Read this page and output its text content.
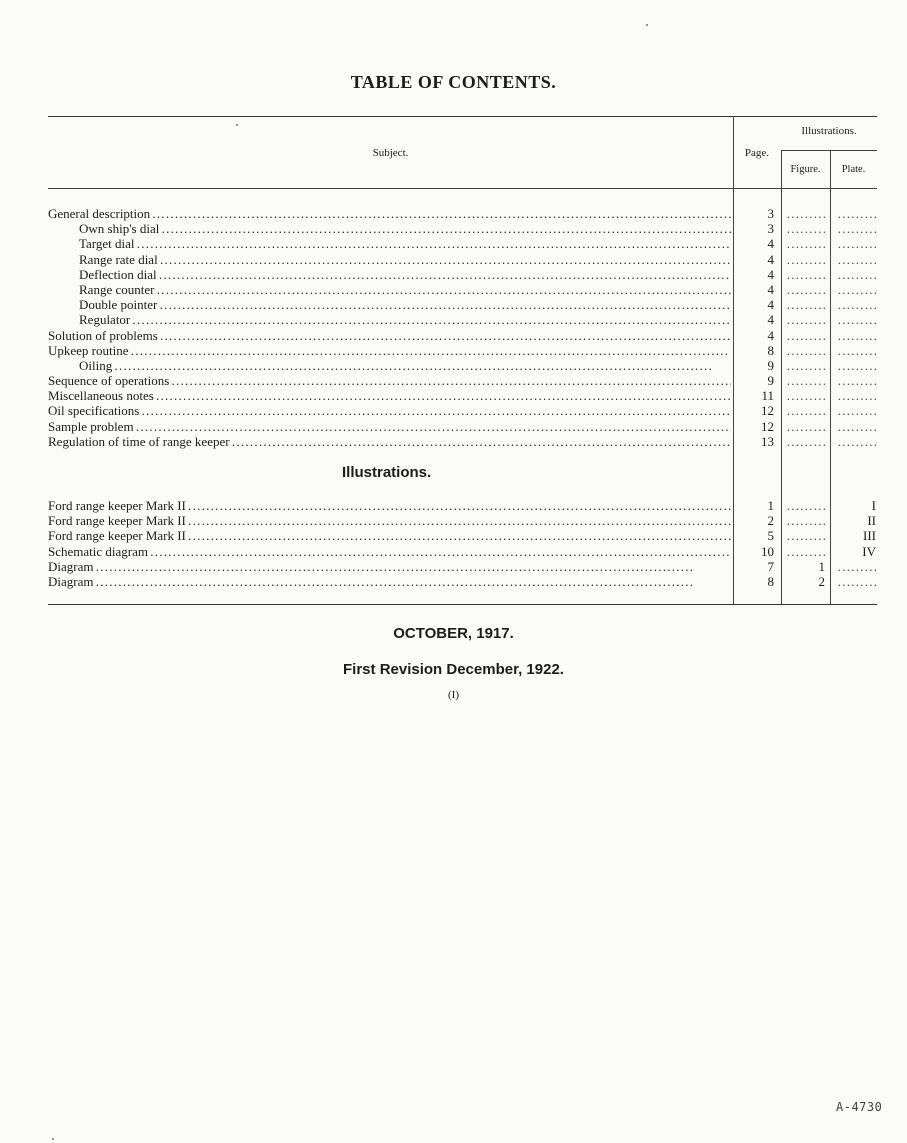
TABLE OF CONTENTS.
Subject.	Page.
Illustrations.
Figure.	Plate.
General description . . .	3 . . . . . . . . . . . . . . . . . .
Own ship's dial . . .	3 . . . . . . . . . . . . . . . . . .
Target dial . . .	4 . . . . . . . . . . . . . . . . . .
Range rate dial . . .	4 . . . . . . . . . . . . . . . . . .
Deflection dial . . .	4 . . . . . . . . . . . . . . . . . .
Range counter . . .	4 . . . . . . . . . . . . . . . . . .
Double pointer . . .	4 . . . . . . . . . . . . . . . . . .
Regulator . . .	4 . . . . . . . . . . . . . . . . . .
Solution of problems . . .	4 . . . . . . . . . . . . . . . . . .
Upkeep routine . . .	8 . . . . . . . . . . . . . . . . . .
Oiling . . .	9 . . . . . . . . . . . . . . . . . .
Sequence of operations . . .	9 . . . . . . . . . . . . . . . . . .
Miscellaneous notes . . .	11 . . . . . . . . . . . . . . . . . .
Oil specifications . . .	12 . . . . . . . . . . . . . . . . . .
Sample problem . . .	12 . . . . . . . . . . . . . . . . . .
Regulation of time of range keeper . . .	13 . . . . . . . . . . . . . . . . . .
Illustrations.
Ford range keeper Mark II . . .	1 . . . . . . . . .	I
Ford range keeper Mark II . . .	2 . . . . . . . . .	II
Ford range keeper Mark II . . .	5 . . . . . . . . .	III
Schematic diagram . . .	10 . . . . . . . . .	IV
Diagram . . .	7	1 . . . . . . . . .
Diagram . . .	8	2 . . . . . . . . .
OCTOBER, 1917.
First Revision December, 1922.
(I)
A-4730
